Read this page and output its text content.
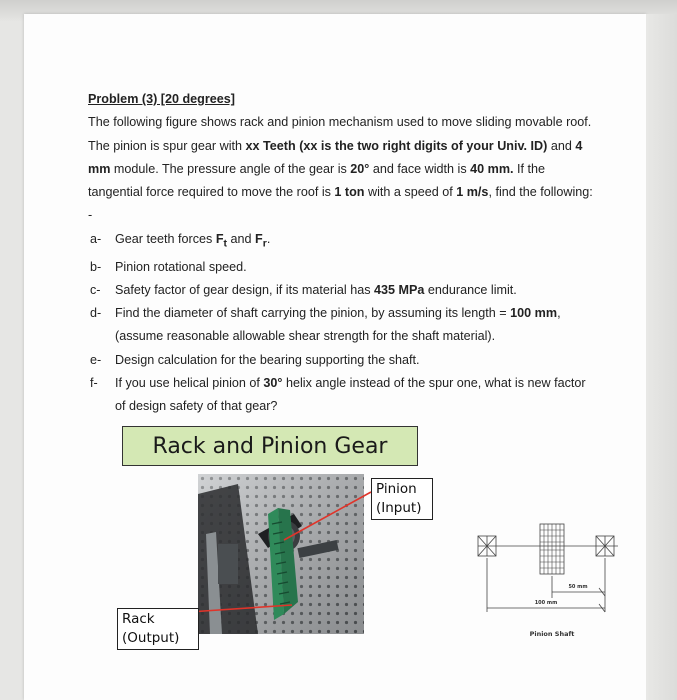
Problem (3) [20 degrees]
The following figure shows rack and pinion mechanism used to move sliding movable roof. The pinion is spur gear with xx Teeth (xx is the two right digits of your Univ. ID) and 4 mm module. The pressure angle of the gear is 20° and face width is 40 mm. If the tangential force required to move the roof is 1 ton with a speed of 1 m/s, find the following: -
a- Gear teeth forces $F_t$ and $F_r$.
b- Pinion rotational speed.
c- Safety factor of gear design, if its material has 435 MPa endurance limit.
d- Find the diameter of shaft carrying the pinion, by assuming its length = 100 mm, (assume reasonable allowable shear strength for the shaft material).
e- Design calculation for the bearing supporting the shaft.
f- If you use helical pinion of 30° helix angle instead of the spur one, what is new factor of design safety of that gear?
Rack and Pinion Gear
Pinion
(Input)
Rack
(Output)
50 mm
100 mm
Pinion Shaft
